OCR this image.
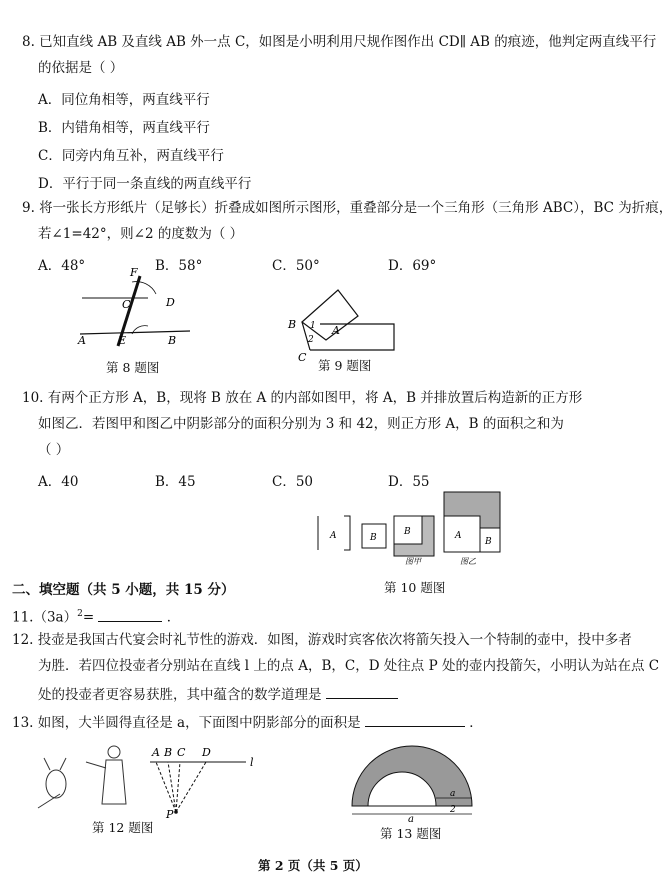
8. 已知直线 AB 及直线 AB 外一点 C，如图是小明利用尺规作图作出 CD∥ AB 的痕迹，他判定两直线平行
的依据是（ ）
A．同位角相等，两直线平行
B．内错角相等，两直线平行
C．同旁内角互补，两直线平行
D．平行于同一条直线的两直线平行
9. 将一张长方形纸片（足够长）折叠成如图所示图形，重叠部分是一个三角形（三角形 ABC），BC 为折痕，
若∠1=42°，则∠2 的度数为（ ）
A．48°	B．58°	C．50°	D．69°
F
C	D
A	E	B
第 8 题图
B 1 A
2
C
第 9 题图
10. 有两个正方形 A，B，现将 B 放在 A 的内部如图甲，将 A，B 并排放置后构造新的正方形
如图乙．若图甲和图乙中阴影部分的面积分别为 3 和 42，则正方形 A，B 的面积之和为
（ ）
A．40	B．45	C．50	D．55
A	B
B	A
B
图甲	图乙
第 10 题图
二、填空题（共 5 小题，共 15 分）
$11.(3a)^2=$	．
12. 投壶是我国古代宴会时礼节性的游戏．如图，游戏时宾客依次将箭矢投入一个特制的壶中，投中多者
为胜．若四位投壶者分别站在直线 l 上的点 A，B，C，D 处往点 P 处的壶内投箭矢，小明认为站在点 C
处的投壶者更容易获胜，其中蕴含的数学道理是
13. 如图，大半圆得直径是 a，下面图中阴影部分的面积是	．
A B C D
l
P
第 12 题图
a
a
2
第 13 题图
第 2 页（共 5 页）
